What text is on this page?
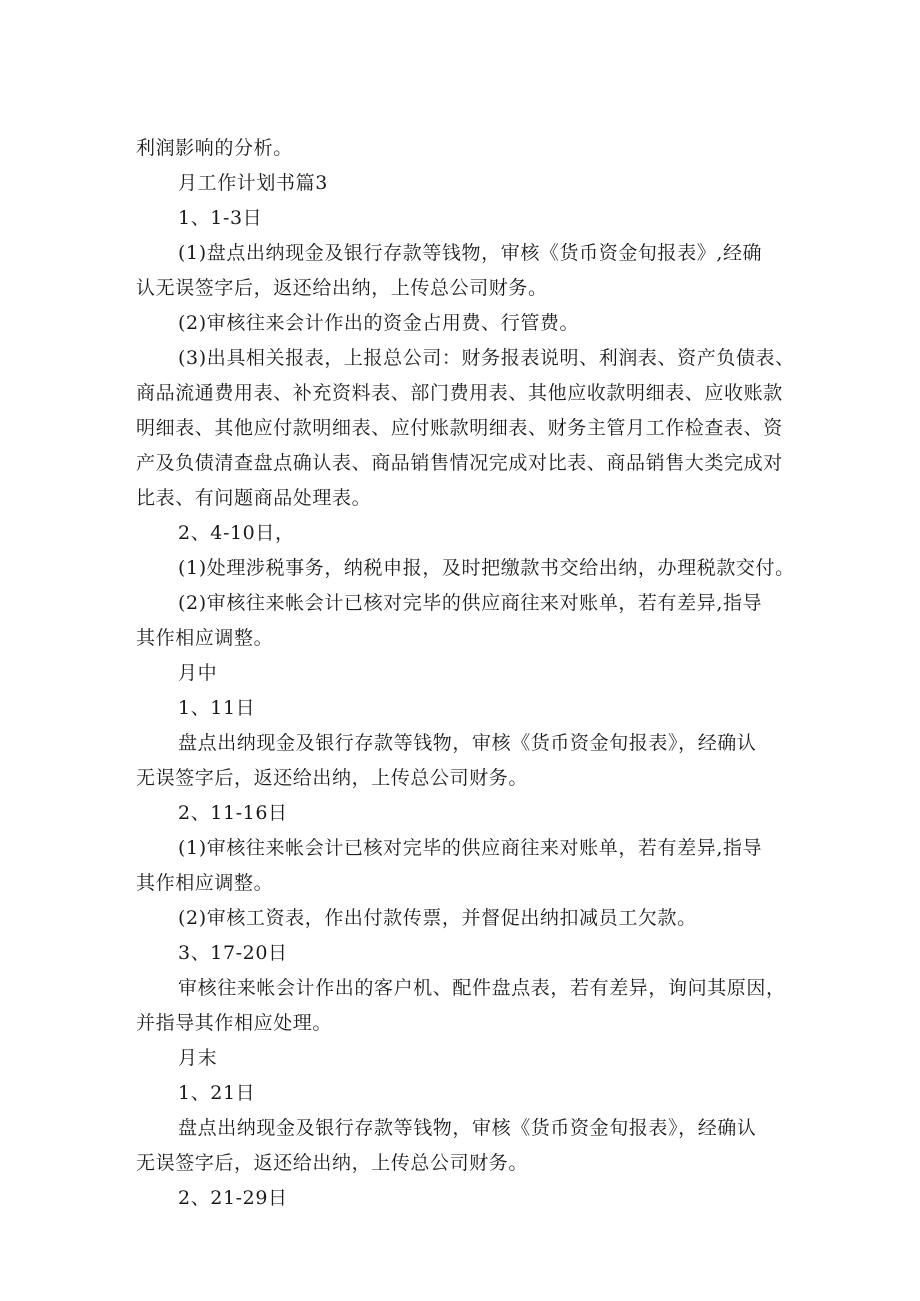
利润影响的分析。

月工作计划书篇3

1、1-3日

(1)盘点出纳现金及银行存款等钱物，审核《货币资金旬报表》,经确

认无误签字后，返还给出纳，上传总公司财务。

(2)审核往来会计作出的资金占用费、行管费。

(3)出具相关报表，上报总公司：财务报表说明、利润表、资产负债表、

商品流通费用表、补充资料表、部门费用表、其他应收款明细表、应收账款

明细表、其他应付款明细表、应付账款明细表、财务主管月工作检查表、资

产及负债清查盘点确认表、商品销售情况完成对比表、商品销售大类完成对

比表、有问题商品处理表。

2、4-10日，

(1)处理涉税事务，纳税申报，及时把缴款书交给出纳，办理税款交付。

(2)审核往来帐会计已核对完毕的供应商往来对账单，若有差异,指导

其作相应调整。

月中

1、11日

盘点出纳现金及银行存款等钱物，审核《货币资金旬报表》，经确认

无误签字后，返还给出纳，上传总公司财务。

2、11-16日

(1)审核往来帐会计已核对完毕的供应商往来对账单，若有差异,指导

其作相应调整。

(2)审核工资表，作出付款传票，并督促出纳扣减员工欠款。

3、17-20日

审核往来帐会计作出的客户机、配件盘点表，若有差异，询问其原因，

并指导其作相应处理。

月末

1、21日

盘点出纳现金及银行存款等钱物，审核《货币资金旬报表》，经确认

无误签字后，返还给出纳，上传总公司财务。

2、21-29日
